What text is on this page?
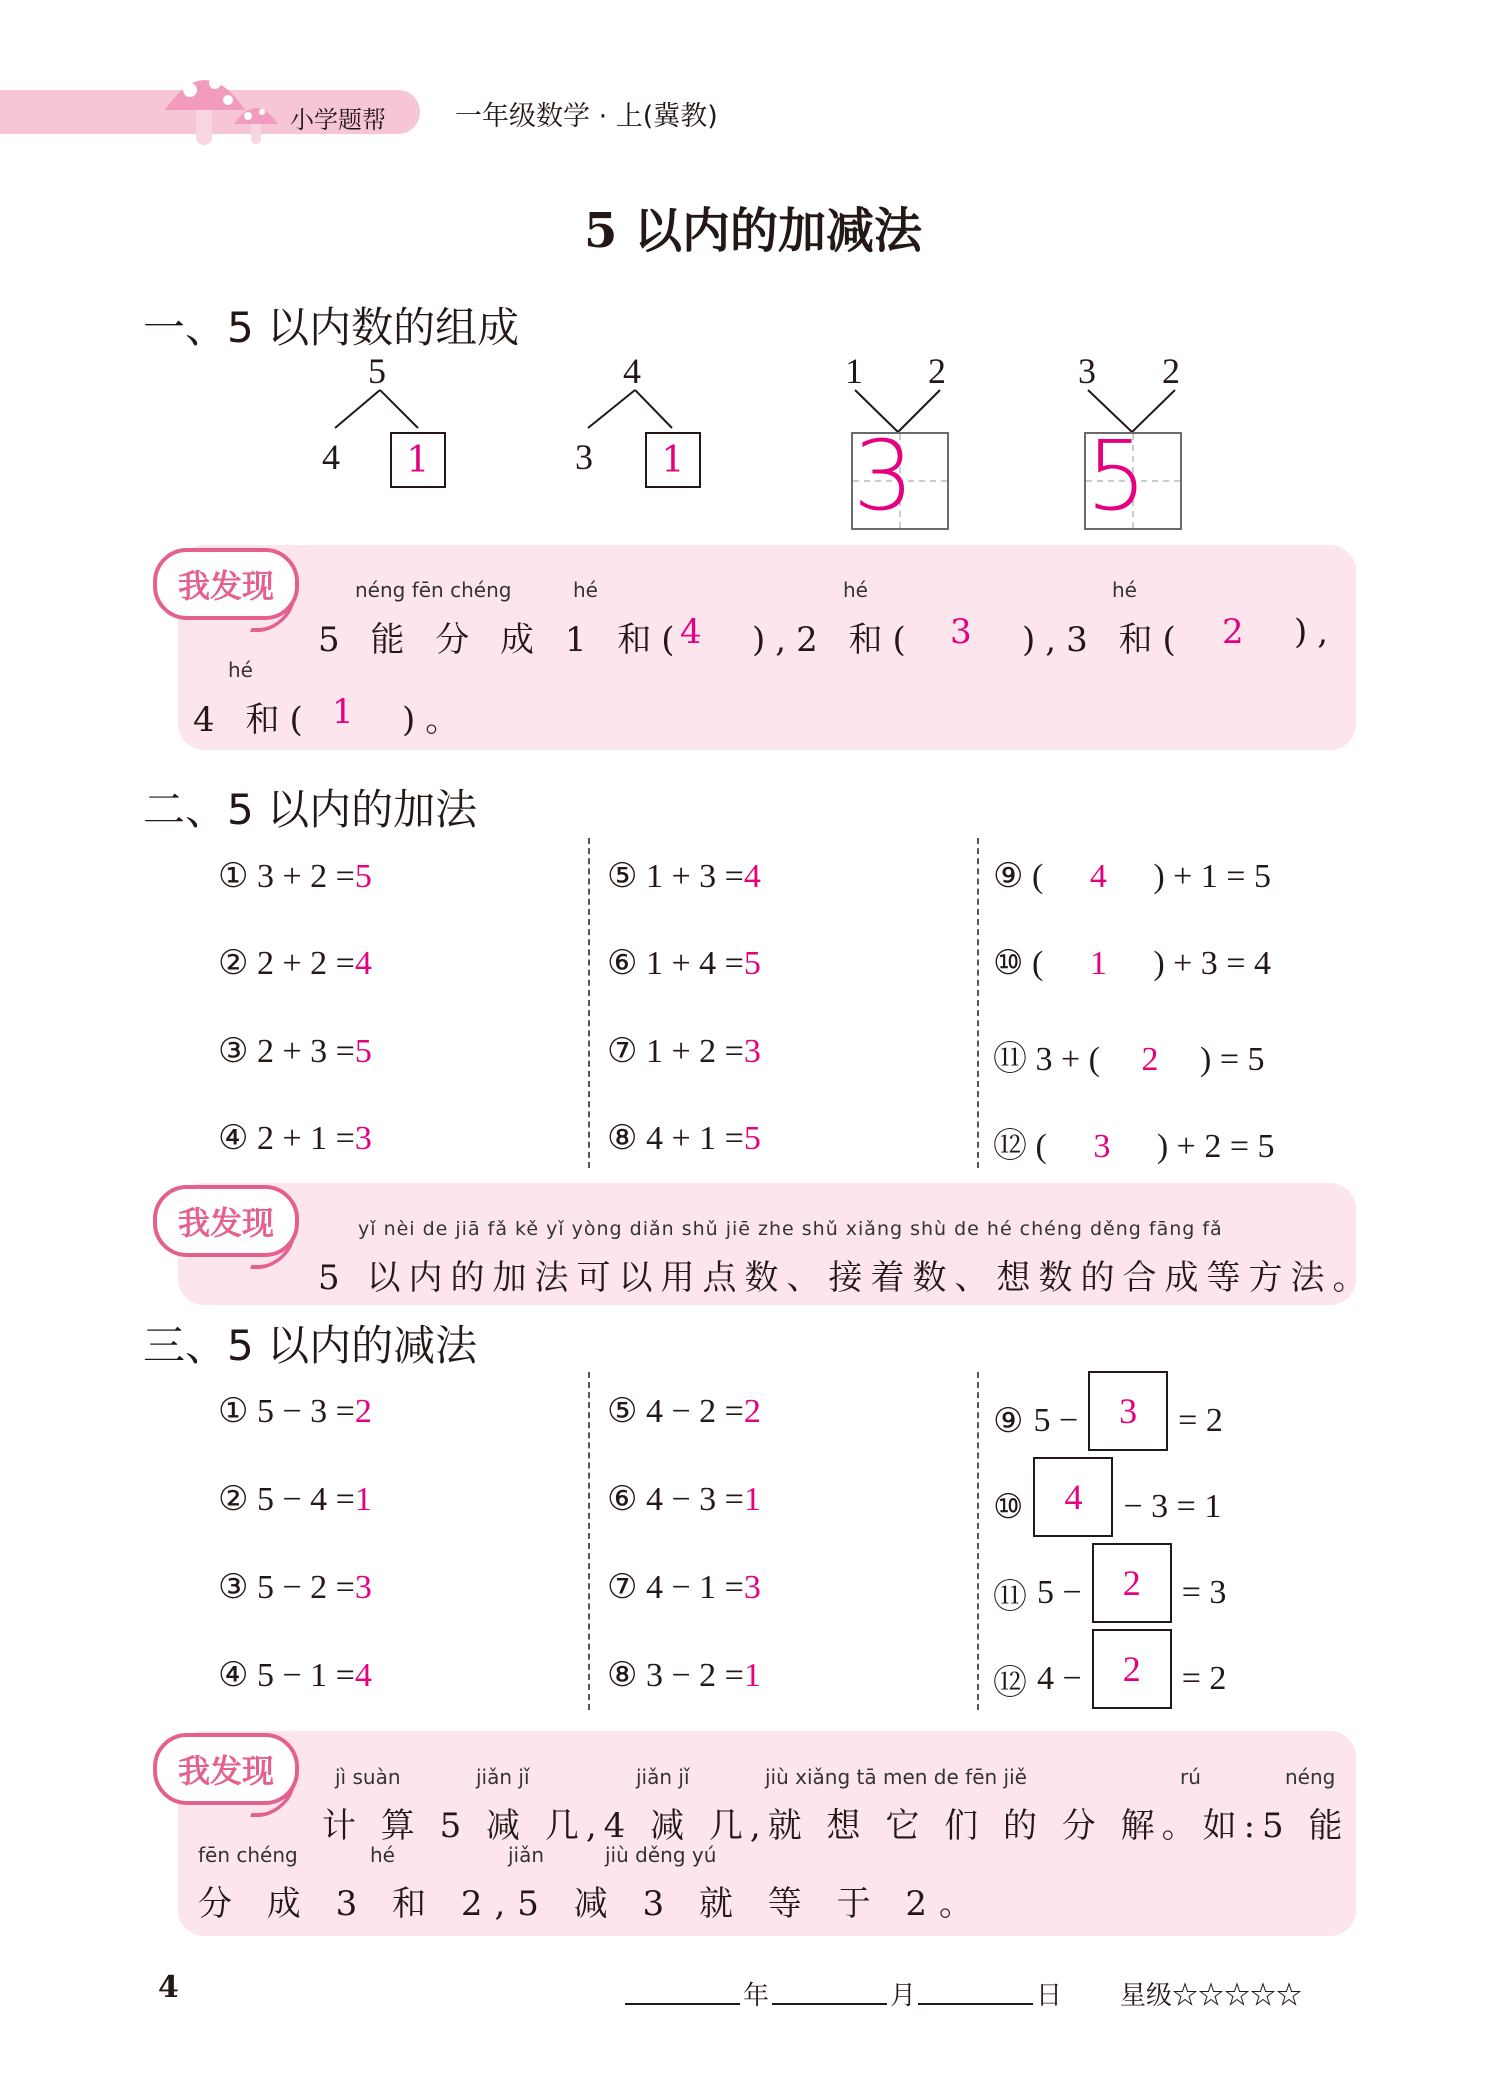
小学题帮	一年级数学 · 上(冀教)
5 以内的加减法
一、5 以内数的组成
5
4	1
4
3	1
1 2
3
3 2
5
我发现	néng fēn chéng	hé	hé	hé
5 能 分 成 1 和(
4 ),2 和( 3 ),3 和( 2 ),
hé
4 和( 1 )。
二、5 以内的加法
① 3 + 2 =5
② 2 + 2 =4
③ 2 + 3 =5
④ 2 + 1 =3
⑤ 1 + 3 =4
⑥ 1 + 4 =5
⑦ 1 + 2 =3
⑧ 4 + 1 =5
⑨ ( 4 ) + 1 = 5
⑩ ( 1 ) + 3 = 4
⑪ 3 + ( 2 ) = 5
⑫ ( 3 ) + 2 = 5
我发现	yǐ nèi de jiā fǎ kě yǐ yòng diǎn shǔ jiē zhe shǔ xiǎng shù de hé chéng děng fāng fǎ
5 以内的加法可以用点数、接着数、想数的合成等方法。
三、5 以内的减法
① 5 − 3 =2
② 5 − 4 =1
③ 5 − 2 =3
④ 5 − 1 =4
⑤ 4 − 2 =2
⑥ 4 − 3 =1
⑦ 4 − 1 =3
⑧ 3 − 2 =1
⑨ 5 −	3	= 2
⑩	4	− 3 = 1
⑪ 5 −	2	= 3
⑫ 4 −	2	= 2
我发现	jì suàn	jiǎn jǐ	jiǎn jǐ	jiù xiǎng tā men de fēn jiě	rú	néng
计 算 5 减 几,4 减 几,就 想 它 们 的 分 解。如:5 能
fēn chéng	hé	jiǎn	jiù děng yú
分 成 3 和 2,5 减 3 就 等 于 2。
4	年	月	日 星级☆☆☆☆☆
